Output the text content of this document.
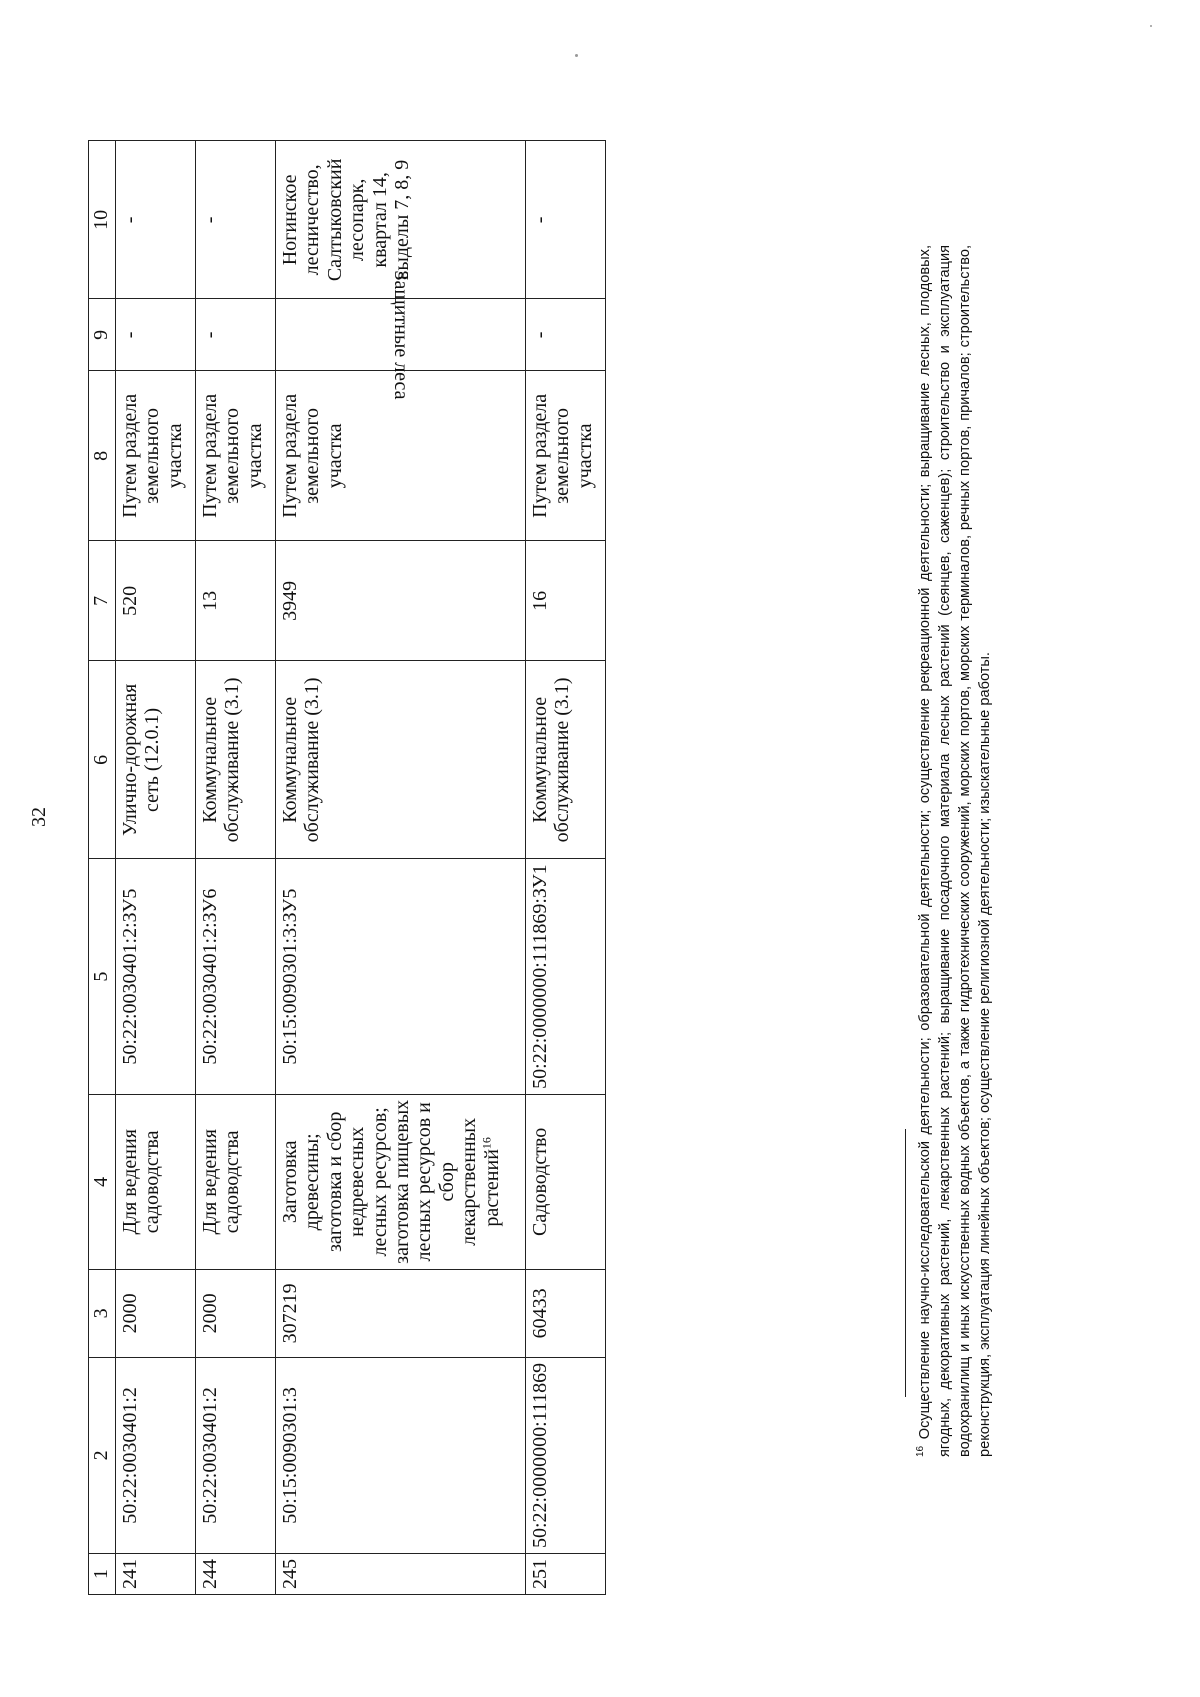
32
1	2	3	4	5	6	7	8	9	10
241	50:22:0030401:2	2000	Для ведения садоводства	50:22:0030401:2:ЗУ5	Улично-дорожная сеть (12.0.1)	520	Путем раздела земельного участка	-	-
244	50:22:0030401:2	2000	Для ведения садоводства	50:22:0030401:2:ЗУ6	Коммунальное обслуживание (3.1)	13	Путем раздела земельного участка	-	-
245	50:15:0090301:3	307219	Заготовка древесины; заготовка и сбор недревесных лесных ресурсов; заготовка пищевых лесных ресурсов и сбор лекарственных растений$^{16}$	50:15:0090301:3:ЗУ5	Коммунальное обслуживание (3.1)	3949	Путем раздела земельного участка	Защитные леса	Ногинское лесничество, Салтыковский лесопарк, квартал 14, выделы 7, 8, 9
251	50:22:0000000:111869	60433	Садоводство	50:22:0000000:111869:ЗУ1	Коммунальное обслуживание (3.1)	16	Путем раздела земельного участка	-	-
$^{16}$ Осуществление научно-исследовательской деятельности; образовательной деятельности; осуществление рекреационной деятельности; выращивание лесных, плодовых, ягодных, декоративных растений, лекарственных растений; выращивание посадочного материала лесных растений (сеянцев, саженцев); строительство и эксплуатация водохранилищ и иных искусственных водных объектов, а также гидротехнических сооружений, морских портов, морских терминалов, речных портов, причалов; строительство, реконструкция, эксплуатация линейных объектов; осуществление религиозной деятельности; изыскательные работы.
